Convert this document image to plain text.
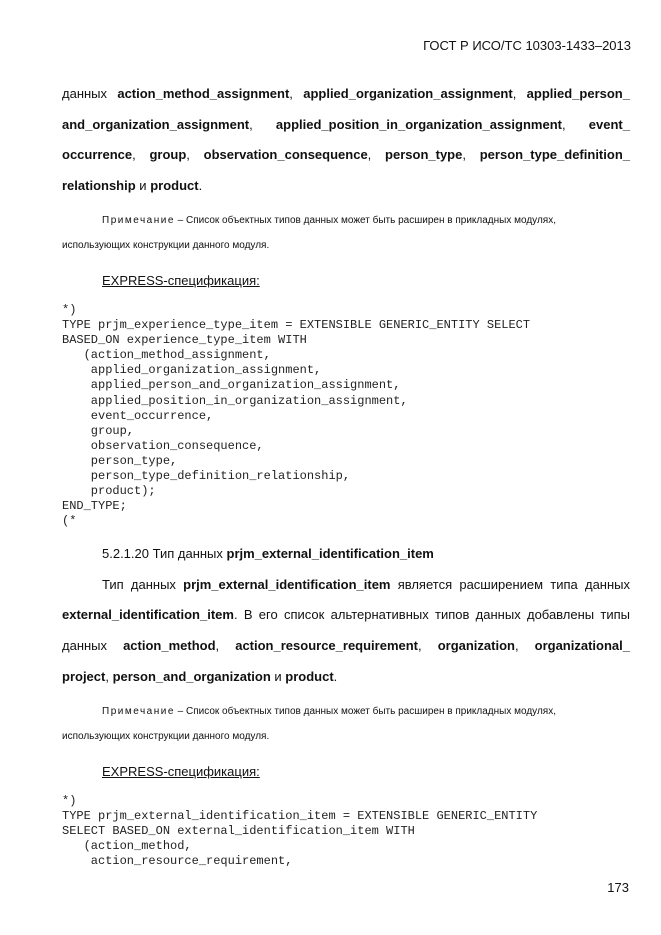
ГОСТ Р ИСО/ТС 10303-1433–2013
данных action_method_assignment, applied_organization_assignment, applied_person_
and_organization_assignment, applied_position_in_organization_assignment, event_
occurrence, group, observation_consequence, person_type, person_type_definition_
relationship и product.
Примечание – Список объектных типов данных может быть расширен в прикладных модулях,
использующих конструкции данного модуля.
EXPRESS-спецификация:
*)
TYPE prjm_experience_type_item = EXTENSIBLE GENERIC_ENTITY SELECT
BASED_ON experience_type_item WITH
(action_method_assignment,
applied_organization_assignment,
applied_person_and_organization_assignment,
applied_position_in_organization_assignment,
event_occurrence,
group,
observation_consequence,
person_type,
person_type_definition_relationship,
product);
END_TYPE;
(*
5.2.1.20 Тип данных prjm_external_identification_item
Тип данных prjm_external_identification_item является расширением типа данных
external_identification_item. В его список альтернативных типов данных добавлены типы
данных action_method, action_resource_requirement, organization, organizational_
project, person_and_organization и product.
Примечание – Список объектных типов данных может быть расширен в прикладных модулях,
использующих конструкции данного модуля.
EXPRESS-спецификация:
*)
TYPE prjm_external_identification_item = EXTENSIBLE GENERIC_ENTITY
SELECT BASED_ON external_identification_item WITH
(action_method,
action_resource_requirement,
173
